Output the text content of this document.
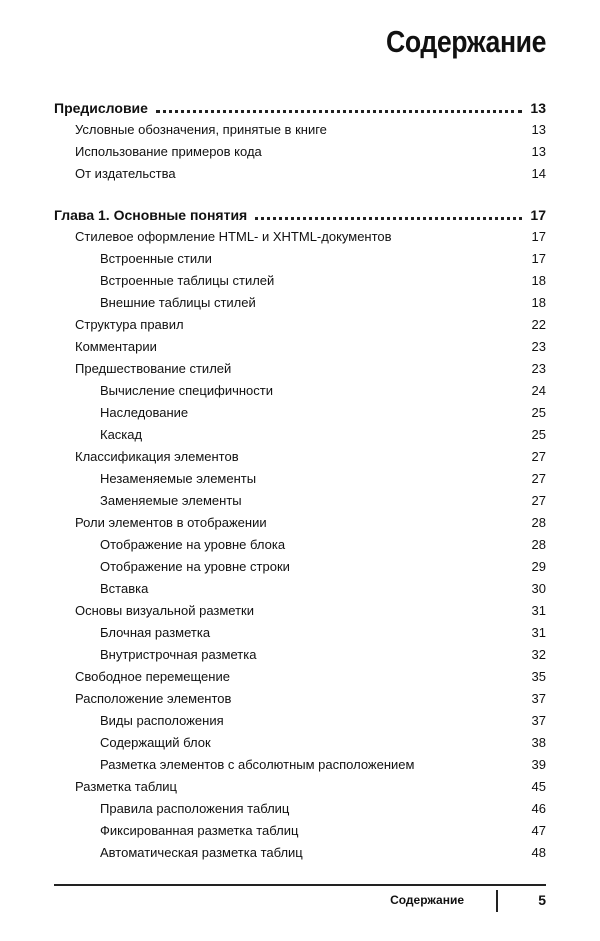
Содержание
Предисловие	13
Условные обозначения, принятые в книге	13
Использование примеров кода	13
От издательства	14
Глава 1. Основные понятия	17
Стилевое оформление HTML- и XHTML-документов	17
Встроенные стили	17
Встроенные таблицы стилей	18
Внешние таблицы стилей	18
Структура правил	22
Комментарии	23
Предшествование стилей	23
Вычисление специфичности	24
Наследование	25
Каскад	25
Классификация элементов	27
Незаменяемые элементы	27
Заменяемые элементы	27
Роли элементов в отображении	28
Отображение на уровне блока	28
Отображение на уровне строки	29
Вставка	30
Основы визуальной разметки	31
Блочная разметка	31
Внутристрочная разметка	32
Свободное перемещение	35
Расположение элементов	37
Виды расположения	37
Содержащий блок	38
Разметка элементов с абсолютным расположением	39
Разметка таблиц	45
Правила расположения таблиц	46
Фиксированная разметка таблиц	47
Автоматическая разметка таблиц	48
Содержание	5
